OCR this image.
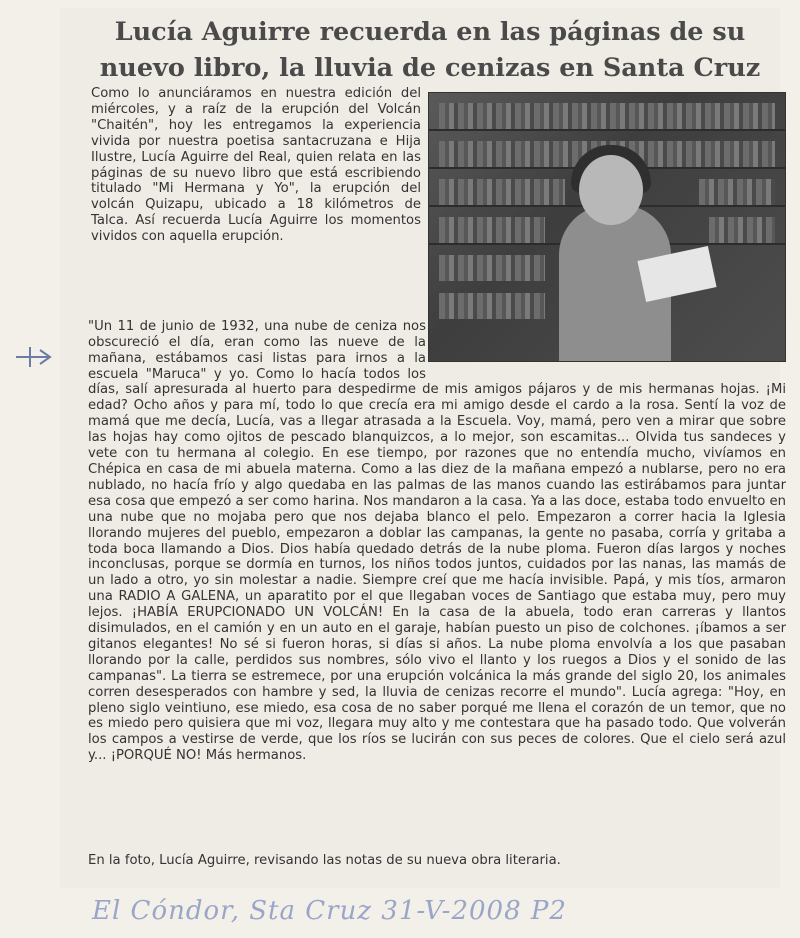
Lucía Aguirre recuerda en las páginas de su nuevo libro, la lluvia de cenizas en Santa Cruz
Como lo anunciáramos en nuestra edición del miércoles, y a raíz de la erupción del Volcán "Chaitén", hoy les entregamos la experiencia vivida por nuestra poetisa santacruzana e Hija Ilustre, Lucía Aguirre del Real, quien relata en las páginas de su nuevo libro que está escribiendo titulado "Mi Hermana y Yo", la erupción del volcán Quizapu, ubicado a 18 kilómetros de Talca. Así recuerda Lucía Aguirre los momentos vividos con aquella erupción.

"Un 11 de junio de 1932, una nube de ceniza nos obscureció el día, eran como las nueve de la mañana, estábamos casi listas para irnos a la escuela "Maruca" y yo. Como lo hacía todos los días, salí apresurada al huerto para despedirme de mis amigos pájaros y de mis hermanas hojas. ¡Mi edad? Ocho años y para mí, todo lo que crecía era mi amigo desde el cardo a la rosa. Sentí la voz de mamá que me decía, Lucía, vas a llegar atrasada a la Escuela. Voy, mamá, pero ven a mirar que sobre las hojas hay como ojitos de pescado blanquizcos, a lo mejor, son escamitas... Olvida tus sandeces y vete con tu hermana al colegio. En ese tiempo, por razones que no entendía mucho, vivíamos en Chépica en casa de mi abuela materna. Como a las diez de la mañana empezó a nublarse, pero no era nublado, no hacía frío y algo quedaba en las palmas de las manos cuando las estirábamos para juntar esa cosa que empezó a ser como harina. Nos mandaron a la casa. Ya a las doce, estaba todo envuelto en una nube que no mojaba pero que nos dejaba blanco el pelo. Empezaron a correr hacia la Iglesia llorando mujeres del pueblo, empezaron a doblar las campanas, la gente no pasaba, corría y gritaba a toda boca llamando a Dios. Dios había quedado detrás de la nube ploma. Fueron días largos y noches inconclusas, porque se dormía en turnos, los niños todos juntos, cuidados por las nanas, las mamás de un lado a otro, yo sin molestar a nadie. Siempre creí que me hacía invisible. Papá, y mis tíos, armaron una RADIO A GALENA, un aparatito por el que llegaban voces de Santiago que estaba muy, pero muy lejos. ¡HABÍA ERUPCIONADO UN VOLCÁN! En la casa de la abuela, todo eran carreras y llantos disimulados, en el camión y en un auto en el garaje, habían puesto un piso de colchones. ¡íbamos a ser gitanos elegantes! No sé si fueron horas, si días si años. La nube ploma envolvía a los que pasaban llorando por la calle, perdidos sus nombres, sólo vivo el llanto y los ruegos a Dios y el sonido de las campanas". La tierra se estremece, por una erupción volcánica la más grande del siglo 20, los animales corren desesperados con hambre y sed, la lluvia de cenizas recorre el mundo". Lucía agrega: "Hoy, en pleno siglo veintiuno, ese miedo, esa cosa de no saber porqué me llena el corazón de un temor, que no es miedo pero quisiera que mi voz, llegara muy alto y me contestara que ha pasado todo. Que volverán los campos a vestirse de verde, que los ríos se lucirán con sus peces de colores. Que el cielo será azul y... ¡PORQUÉ NO! Más hermanos.

En la foto, Lucía Aguirre, revisando las notas de su nueva obra literaria.
El Cóndor, Sta Cruz 31-V-2008 P2
